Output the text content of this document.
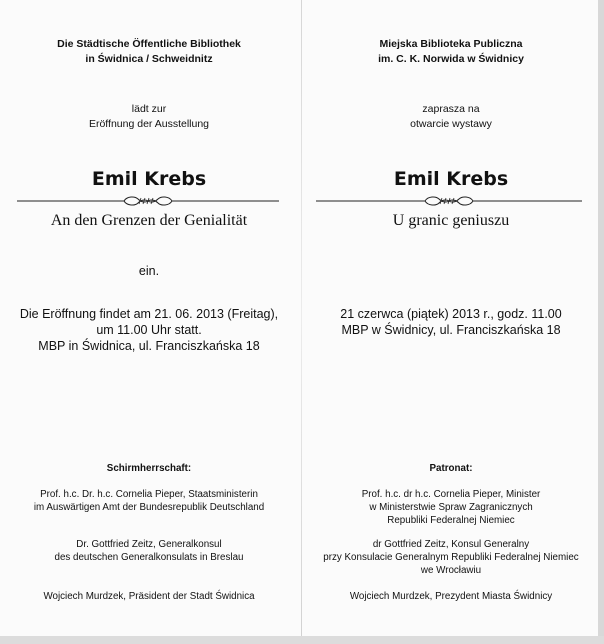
Die Städtische Öffentliche Bibliothek

in Świdnica / Schweidnitz

lädt zur

Eröffnung der Ausstellung

Emil Krebs

An den Grenzen der Genialität

ein.

Die Eröffnung findet am 21. 06. 2013 (Freitag),

um 11.00 Uhr statt.

MBP in Świdnica, ul. Franciszkańska 18

Schirmherrschaft:

Prof. h.c. Dr. h.c. Cornelia Pieper, Staatsministerin

im Auswärtigen Amt der Bundesrepublik Deutschland

Dr. Gottfried Zeitz, Generalkonsul

des deutschen Generalkonsulats in Breslau

Wojciech Murdzek, Präsident der Stadt Świdnica

Miejska Biblioteka Publiczna

im. C. K. Norwida w Świdnicy

zaprasza na

otwarcie wystawy

Emil Krebs

U granic geniuszu

21 czerwca (piątek) 2013 r., godz. 11.00

MBP w Świdnicy, ul. Franciszkańska 18

Patronat:

Prof. h.c. dr h.c. Cornelia Pieper, Minister

w Ministerstwie Spraw Zagranicznych

Republiki Federalnej Niemiec

dr Gottfried Zeitz, Konsul Generalny

przy Konsulacie Generalnym Republiki Federalnej Niemiec

we Wrocławiu

Wojciech Murdzek, Prezydent Miasta Świdnicy
